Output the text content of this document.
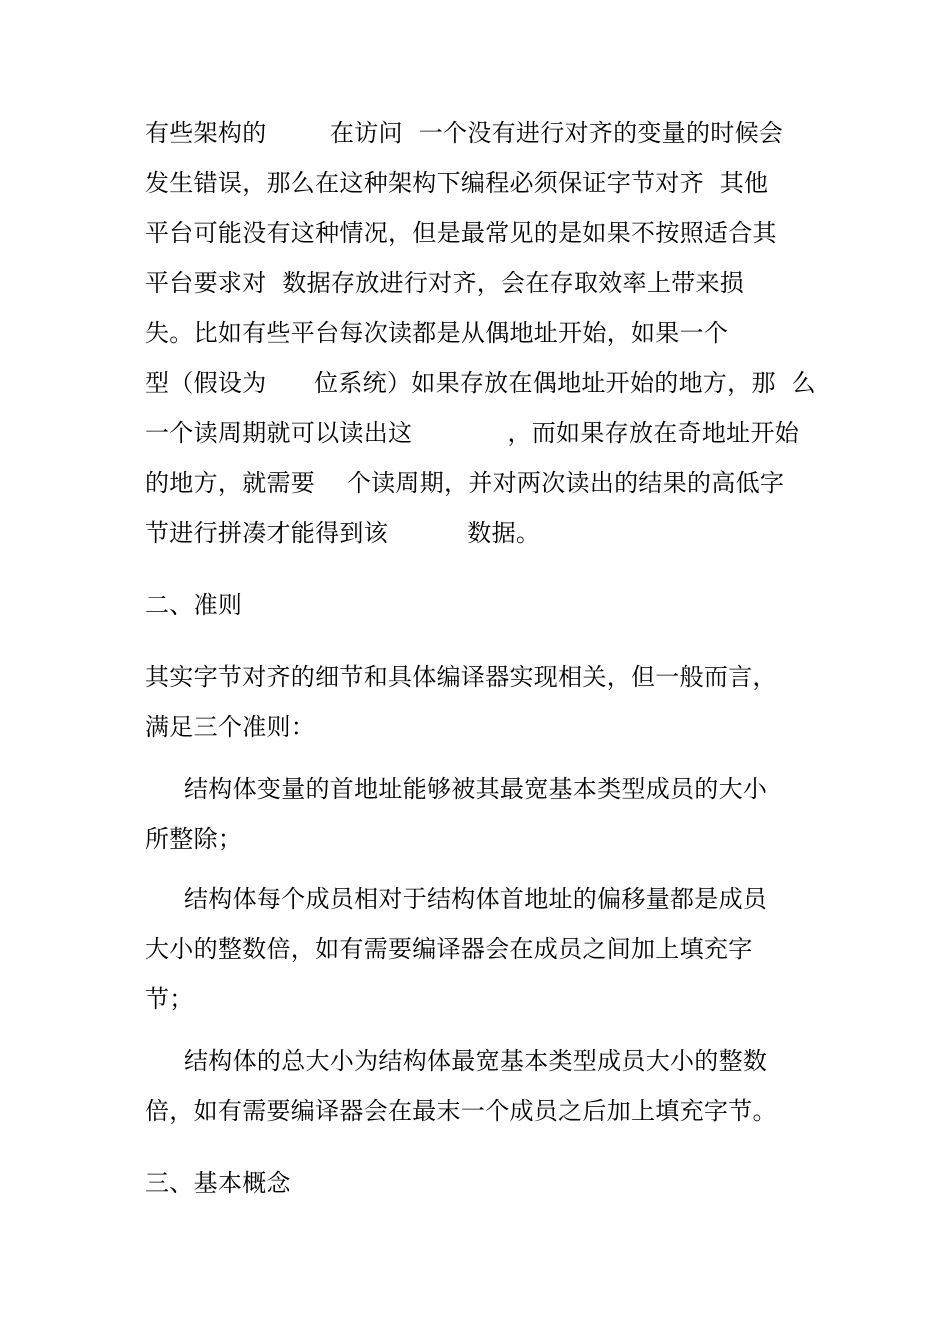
有些架构的        在访问  一个没有进行对齐的变量的时候会
发生错误，那么在这种架构下编程必须保证字节对齐  其他
平台可能没有这种情况，但是最常见的是如果不按照适合其
平台要求对  数据存放进行对齐，会在存取效率上带来损
失。比如有些平台每次读都是从偶地址开始，如果一个
型（假设为      位系统）如果存放在偶地址开始的地方，那  么
一个读周期就可以读出这            ，而如果存放在奇地址开始
的地方，就需要    个读周期，并对两次读出的结果的高低字
节进行拼凑才能得到该          数据。
二、准则
其实字节对齐的细节和具体编译器实现相关，但一般而言，
满足三个准则：
结构体变量的首地址能够被其最宽基本类型成员的大小
所整除；
结构体每个成员相对于结构体首地址的偏移量都是成员
大小的整数倍，如有需要编译器会在成员之间加上填充字
节；
结构体的总大小为结构体最宽基本类型成员大小的整数
倍，如有需要编译器会在最末一个成员之后加上填充字节。
三、基本概念
